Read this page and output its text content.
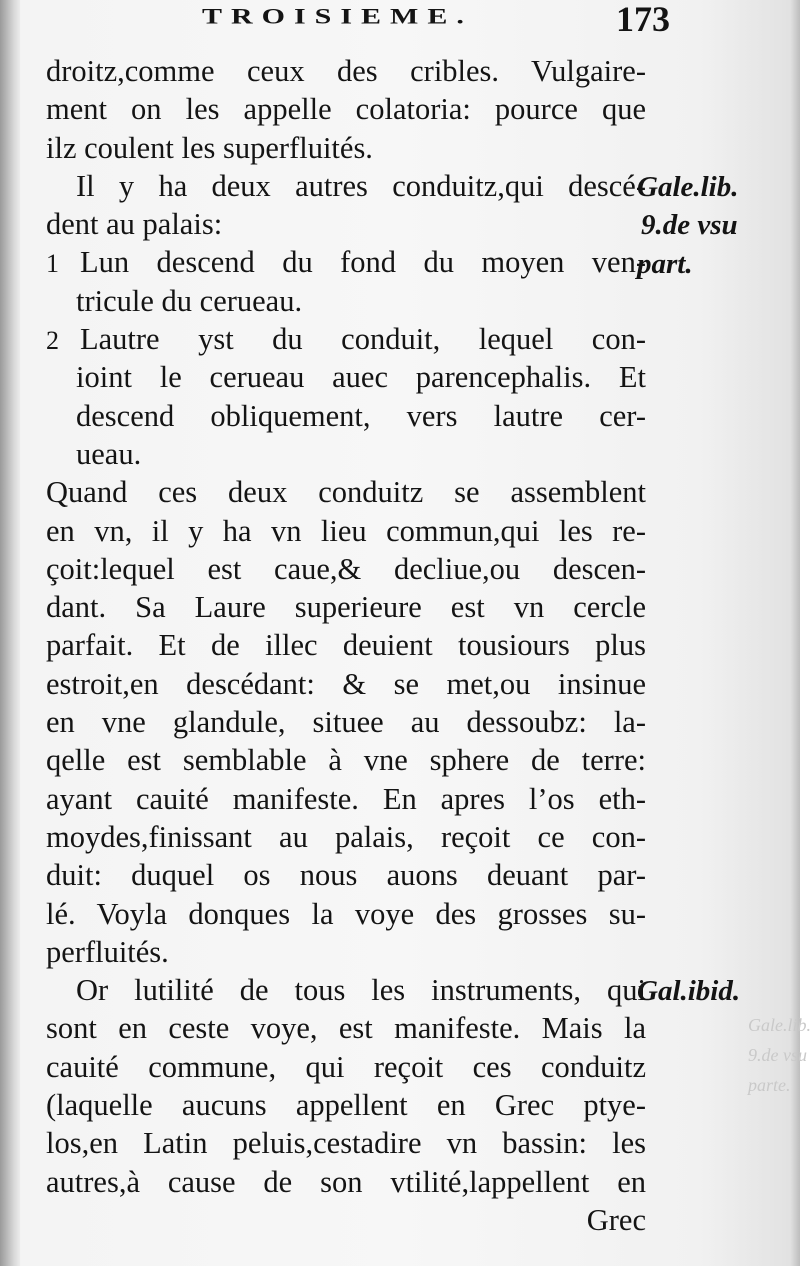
TROISIEME.	173
droitz,comme ceux des cribles. Vulgaire-
ment on les appelle colatoria: pource que
ilz coulent les superfluités.
Il y ha deux autres conduitz,qui descé-
dent au palais:
1 Lun descend du fond du moyen ven-
tricule du cerueau.
2 Lautre yst du conduit, lequel con-
ioint le cerueau auec parencephalis. Et
descend obliquement, vers lautre cer-
ueau.
Quand ces deux conduitz se assemblent
en vn, il y ha vn lieu commun,qui les re-
çoit:lequel est caue,& decliue,ou descen-
dant. Sa Laure superieure est vn cercle
parfait. Et de illec deuient tousiours plus
estroit,en descédant: & se met,ou insinue
en vne glandule, situee au dessoubz: la-
qelle est semblable à vne sphere de terre:
ayant cauité manifeste. En apres l’os eth-
moydes,finissant au palais, reçoit ce con-
duit: duquel os nous auons deuant par-
lé. Voyla donques la voye des grosses su-
perfluités.
Or lutilité de tous les instruments, qui
sont en ceste voye, est manifeste. Mais la
cauité commune, qui reçoit ces conduitz
(laquelle aucuns appellent en Grec ptye-
los,en Latin peluis,cestadire vn bassin: les
autres,à cause de son vtilité,lappellent en
Grec
Gale.lib.
9.de vsu
part.
Gal.ibid.
Gale.lib.
9.de vsu
parte.
